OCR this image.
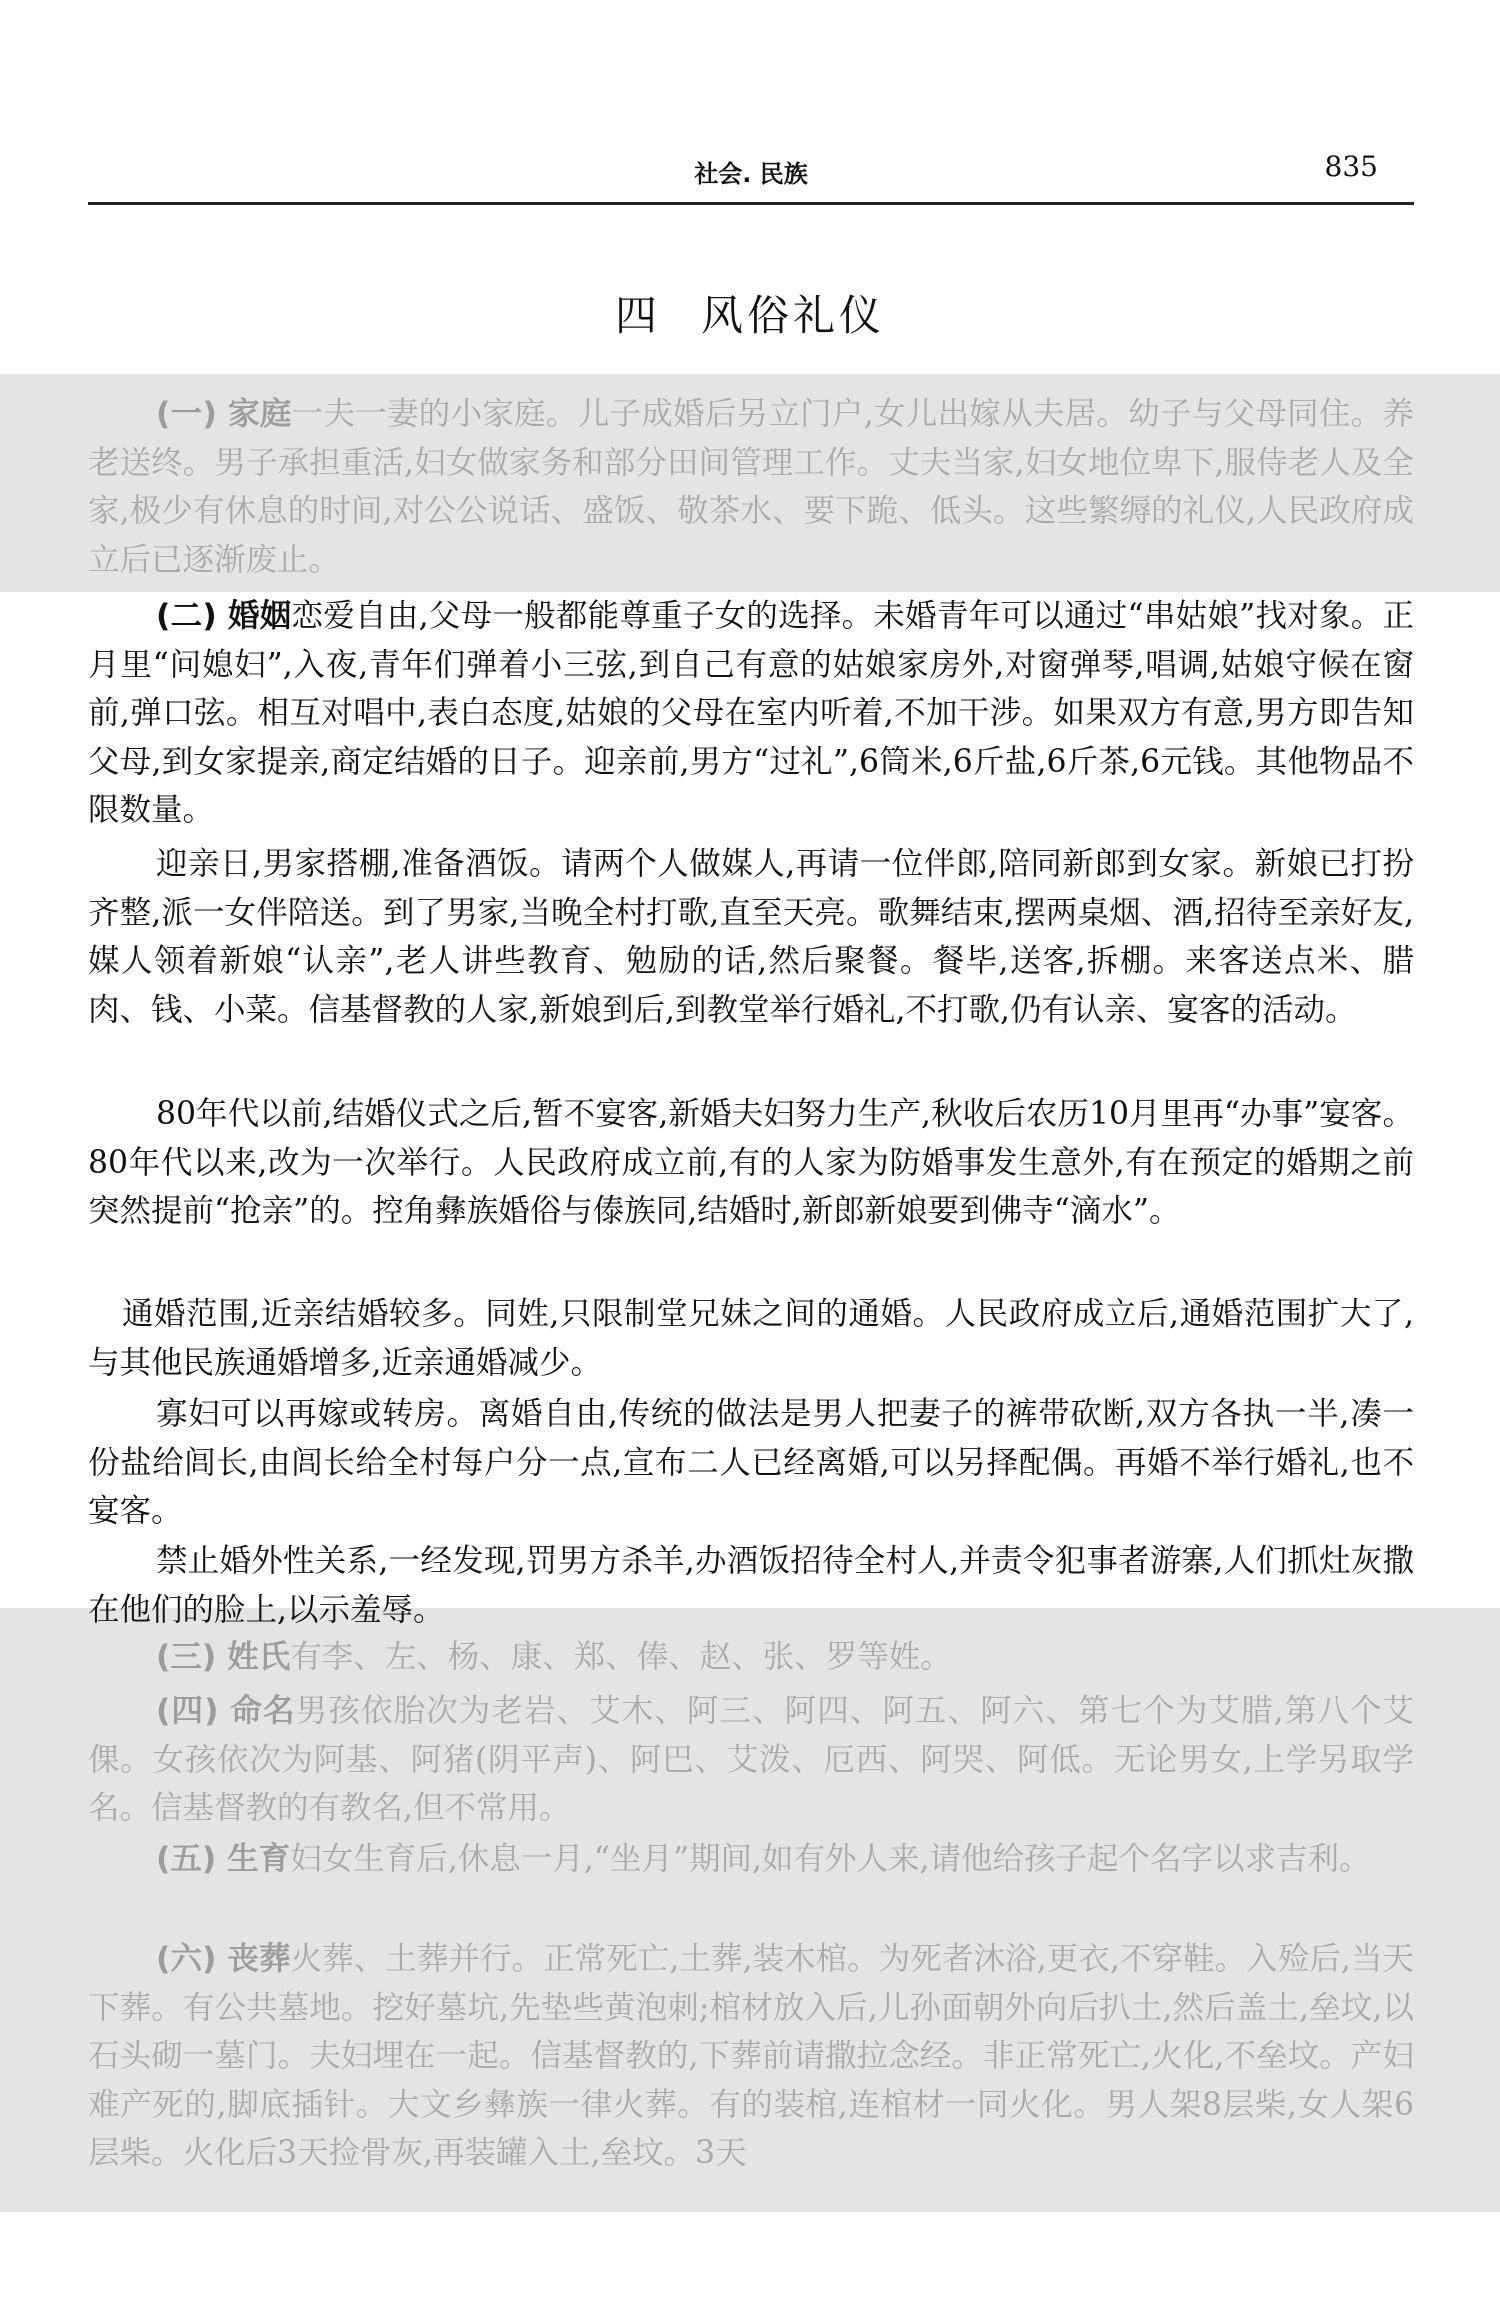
社会. 民族	835
四 风俗礼仪

(一) 家庭一夫一妻的小家庭。儿子成婚后另立门户,女儿出嫁从夫居。幼子与父母同住。养老送终。男子承担重活,妇女做家务和部分田间管理工作。丈夫当家,妇女地位卑下,服侍老人及全家,极少有休息的时间,对公公说话、盛饭、敬茶水、要下跪、低头。这些繁缛的礼仪,人民政府成立后已逐渐废止。

(二) 婚姻恋爱自由,父母一般都能尊重子女的选择。未婚青年可以通过“串姑娘”找对象。正月里“问媳妇”,入夜,青年们弹着小三弦,到自己有意的姑娘家房外,对窗弹琴,唱调,姑娘守候在窗前,弹口弦。相互对唱中,表白态度,姑娘的父母在室内听着,不加干涉。如果双方有意,男方即告知父母,到女家提亲,商定结婚的日子。迎亲前,男方“过礼”,6筒米,6斤盐,6斤茶,6元钱。其他物品不限数量。

迎亲日,男家搭棚,准备酒饭。请两个人做媒人,再请一位伴郎,陪同新郎到女家。新娘已打扮齐整,派一女伴陪送。到了男家,当晚全村打歌,直至天亮。歌舞结束,摆两桌烟、酒,招待至亲好友,媒人领着新娘“认亲”,老人讲些教育、勉励的话,然后聚餐。餐毕,送客,拆棚。来客送点米、腊肉、钱、小菜。信基督教的人家,新娘到后,到教堂举行婚礼,不打歌,仍有认亲、宴客的活动。

80年代以前,结婚仪式之后,暂不宴客,新婚夫妇努力生产,秋收后农历10月里再“办事”宴客。80年代以来,改为一次举行。人民政府成立前,有的人家为防婚事发生意外,有在预定的婚期之前突然提前“抢亲”的。控角彝族婚俗与傣族同,结婚时,新郎新娘要到佛寺“滴水”。

通婚范围,近亲结婚较多。同姓,只限制堂兄妹之间的通婚。人民政府成立后,通婚范围扩大了,与其他民族通婚增多,近亲通婚减少。

寡妇可以再嫁或转房。离婚自由,传统的做法是男人把妻子的裤带砍断,双方各执一半,凑一份盐给闾长,由闾长给全村每户分一点,宣布二人已经离婚,可以另择配偶。再婚不举行婚礼,也不宴客。

禁止婚外性关系,一经发现,罚男方杀羊,办酒饭招待全村人,并责令犯事者游寨,人们抓灶灰撒在他们的脸上,以示羞辱。

(三) 姓氏有李、左、杨、康、郑、俸、赵、张、罗等姓。

(四) 命名男孩依胎次为老岩、艾木、阿三、阿四、阿五、阿六、第七个为艾腊,第八个艾倮。女孩依次为阿基、阿猪(阴平声)、阿巴、艾泼、厄西、阿哭、阿低。无论男女,上学另取学名。信基督教的有教名,但不常用。

(五) 生育妇女生育后,休息一月,“坐月”期间,如有外人来,请他给孩子起个名字以求吉利。

(六) 丧葬火葬、土葬并行。正常死亡,土葬,装木棺。为死者沐浴,更衣,不穿鞋。入殓后,当天下葬。有公共墓地。挖好墓坑,先垫些黄泡刺;棺材放入后,儿孙面朝外向后扒土,然后盖土,垒坟,以石头砌一墓门。夫妇埋在一起。信基督教的,下葬前请撒拉念经。非正常死亡,火化,不垒坟。产妇难产死的,脚底插针。大文乡彝族一律火葬。有的装棺,连棺材一同火化。男人架8层柴,女人架6层柴。火化后3天捡骨灰,再装罐入土,垒坟。3天
